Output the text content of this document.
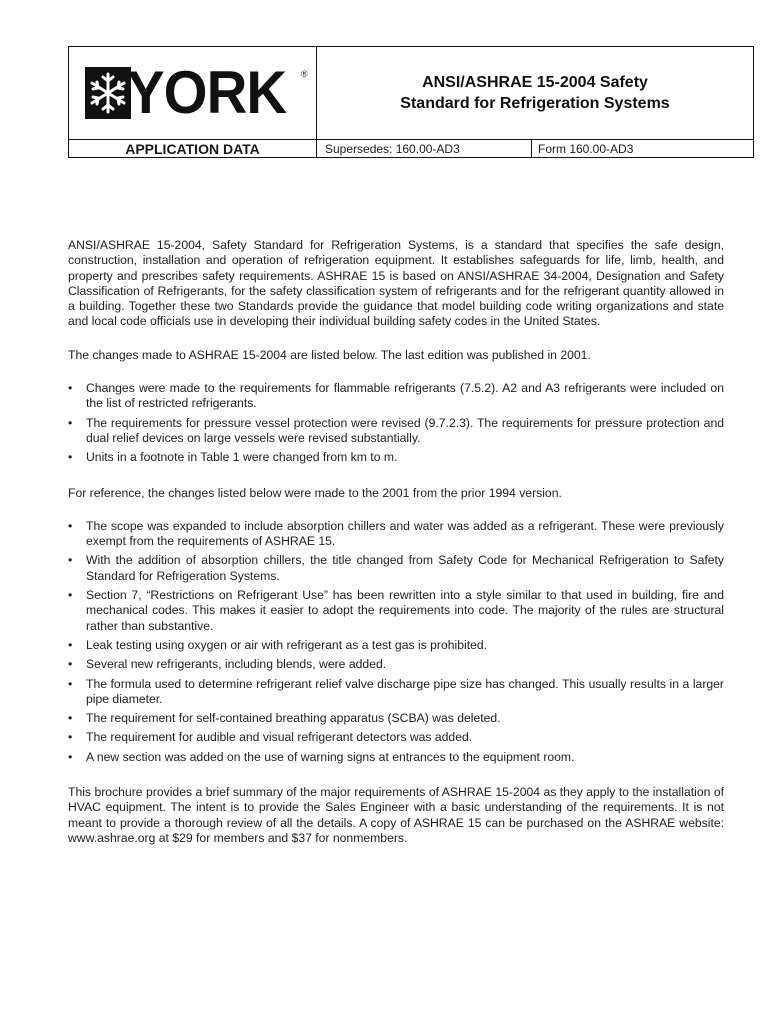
YORK ®	ANSI/ASHRAE 15-2004 Safety
Standard for Refrigeration Systems
APPLICATION DATA	Supersedes: 160.00-AD3	Form 160.00-AD3

ANSI/ASHRAE 15-2004, Safety Standard for Refrigeration Systems, is a standard that specifies the safe design, construction, installation and operation of refrigeration equipment. It establishes safeguards for life, limb, health, and property and prescribes safety requirements. ASHRAE 15 is based on ANSI/ASHRAE 34-2004, Designation and Safety Classification of Refrigerants, for the safety classification system of refrigerants and for the refrigerant quantity allowed in a building. Together these two Standards provide the guidance that model building code writing organizations and state and local code officials use in developing their individual building safety codes in the United States.

The changes made to ASHRAE 15-2004 are listed below. The last edition was published in 2001.

• Changes were made to the requirements for flammable refrigerants (7.5.2). A2 and A3 refrigerants were included on the list of restricted refrigerants.
• The requirements for pressure vessel protection were revised (9.7.2.3). The requirements for pressure protection and dual relief devices on large vessels were revised substantially.
• Units in a footnote in Table 1 were changed from km to m.

For reference, the changes listed below were made to the 2001 from the prior 1994 version.

• The scope was expanded to include absorption chillers and water was added as a refrigerant. These were previously exempt from the requirements of ASHRAE 15.
• With the addition of absorption chillers, the title changed from Safety Code for Mechanical Refrigeration to Safety Standard for Refrigeration Systems.
• Section 7, “Restrictions on Refrigerant Use” has been rewritten into a style similar to that used in building, fire and mechanical codes. This makes it easier to adopt the requirements into code. The majority of the rules are structural rather than substantive.
• Leak testing using oxygen or air with refrigerant as a test gas is prohibited.
• Several new refrigerants, including blends, were added.
• The formula used to determine refrigerant relief valve discharge pipe size has changed. This usually results in a larger pipe diameter.
• The requirement for self-contained breathing apparatus (SCBA) was deleted.
• The requirement for audible and visual refrigerant detectors was added.
• A new section was added on the use of warning signs at entrances to the equipment room.

This brochure provides a brief summary of the major requirements of ASHRAE 15-2004 as they apply to the installation of HVAC equipment. The intent is to provide the Sales Engineer with a basic understanding of the requirements. It is not meant to provide a thorough review of all the details. A copy of ASHRAE 15 can be purchased on the ASHRAE website: www.ashrae.org at $29 for members and $37 for nonmembers.
